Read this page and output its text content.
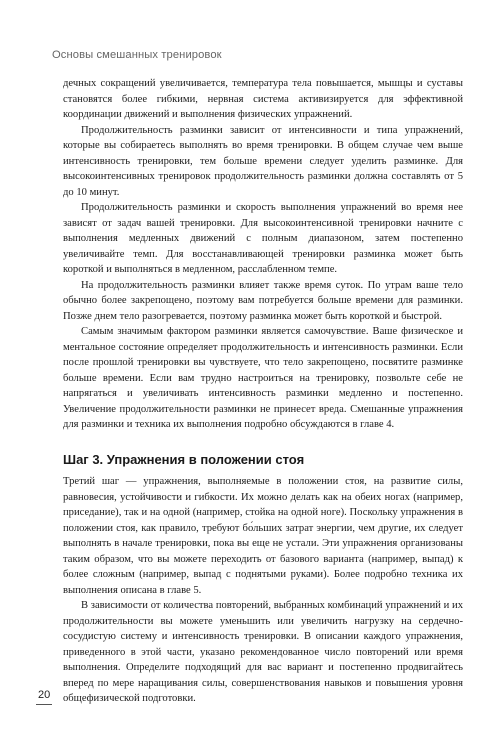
Основы смешанных тренировок

дечных сокращений увеличивается, температура тела повышается, мышцы и суставы становятся более гибкими, нервная система активизируется для эффективной координации движений и выполнения физических упражнений.

Продолжительность разминки зависит от интенсивности и типа упражнений, которые вы собираетесь выполнять во время тренировки. В общем случае чем выше интенсивность тренировки, тем больше времени следует уделить разминке. Для высокоинтенсивных тренировок продолжительность разминки должна составлять от 5 до 10 минут.

Продолжительность разминки и скорость выполнения упражнений во время нее зависят от задач вашей тренировки. Для высокоинтенсивной тренировки начните с выполнения медленных движений с полным диапазоном, затем постепенно увеличивайте темп. Для восстанавливающей тренировки разминка может быть короткой и выполняться в медленном, расслабленном темпе.

На продолжительность разминки влияет также время суток. По утрам ваше тело обычно более закрепощено, поэтому вам потребуется больше времени для разминки. Позже днем тело разогревается, поэтому разминка может быть короткой и быстрой.

Самым значимым фактором разминки является самочувствие. Ваше физическое и ментальное состояние определяет продолжительность и интенсивность разминки. Если после прошлой тренировки вы чувствуете, что тело закрепощено, посвятите разминке больше времени. Если вам трудно настроиться на тренировку, позвольте себе не напрягаться и увеличивать интенсивность разминки медленно и постепенно. Увеличение продолжительности разминки не принесет вреда. Смешанные упражнения для разминки и техника их выполнения подробно обсуждаются в главе 4.

Шаг 3. Упражнения в положении стоя

Третий шаг — упражнения, выполняемые в положении стоя, на развитие силы, равновесия, устойчивости и гибкости. Их можно делать как на обеих ногах (например, приседание), так и на одной (например, стойка на одной ноге). Поскольку упражнения в положении стоя, как правило, требуют бо́льших затрат энергии, чем другие, их следует выполнять в начале тренировки, пока вы еще не устали. Эти упражнения организованы таким образом, что вы можете переходить от базового варианта (например, выпад) к более сложным (например, выпад с поднятыми руками). Более подробно техника их выполнения описана в главе 5.

В зависимости от количества повторений, выбранных комбинаций упражнений и их продолжительности вы можете уменьшить или увеличить нагрузку на сердечно-сосудистую систему и интенсивность тренировки. В описании каждого упражнения, приведенного в этой части, указано рекомендованное число повторений или время выполнения. Определите подходящий для вас вариант и постепенно продвигайтесь вперед по мере наращивания силы, совершенствования навыков и повышения уровня общефизической подготовки.

20
